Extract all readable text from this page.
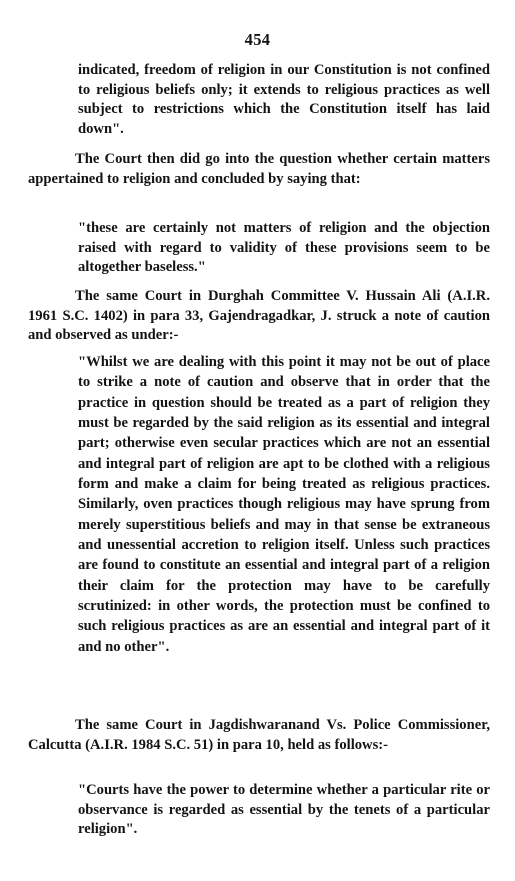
454
indicated, freedom of religion in our Constitution is not confined to religious beliefs only; it extends to religious practices as well subject to restrictions which the Constitution itself has laid down".
The Court then did go into the question whether certain matters appertained to religion and concluded by saying that:
"these are certainly not matters of religion and the objection raised with regard to validity of these provisions seem to be altogether baseless."
The same Court in Durghah Committee V. Hussain Ali (A.I.R. 1961 S.C. 1402) in para 33, Gajendragadkar, J. struck a note of caution and observed as under:-
"Whilst we are dealing with this point it may not be out of place to strike a note of caution and observe that in order that the practice in question should be treated as a part of religion they must be regarded by the said religion as its essential and integral part; otherwise even secular practices which are not an essential and integral part of religion are apt to be clothed with a religious form and make a claim for being treated as religious practices. Similarly, oven practices though religious may have sprung from merely superstitious beliefs and may in that sense be extraneous and unessential accretion to religion itself. Unless such practices are found to constitute an essential and integral part of a religion their claim for the protection may have to be carefully scrutinized: in other words, the protection must be confined to such religious practices as are an essential and integral part of it and no other".
The same Court in Jagdishwaranand Vs. Police Commissioner, Calcutta (A.I.R. 1984 S.C. 51) in para 10, held as follows:-
"Courts have the power to determine whether a particular rite or observance is regarded as essential by the tenets of a particular religion".
